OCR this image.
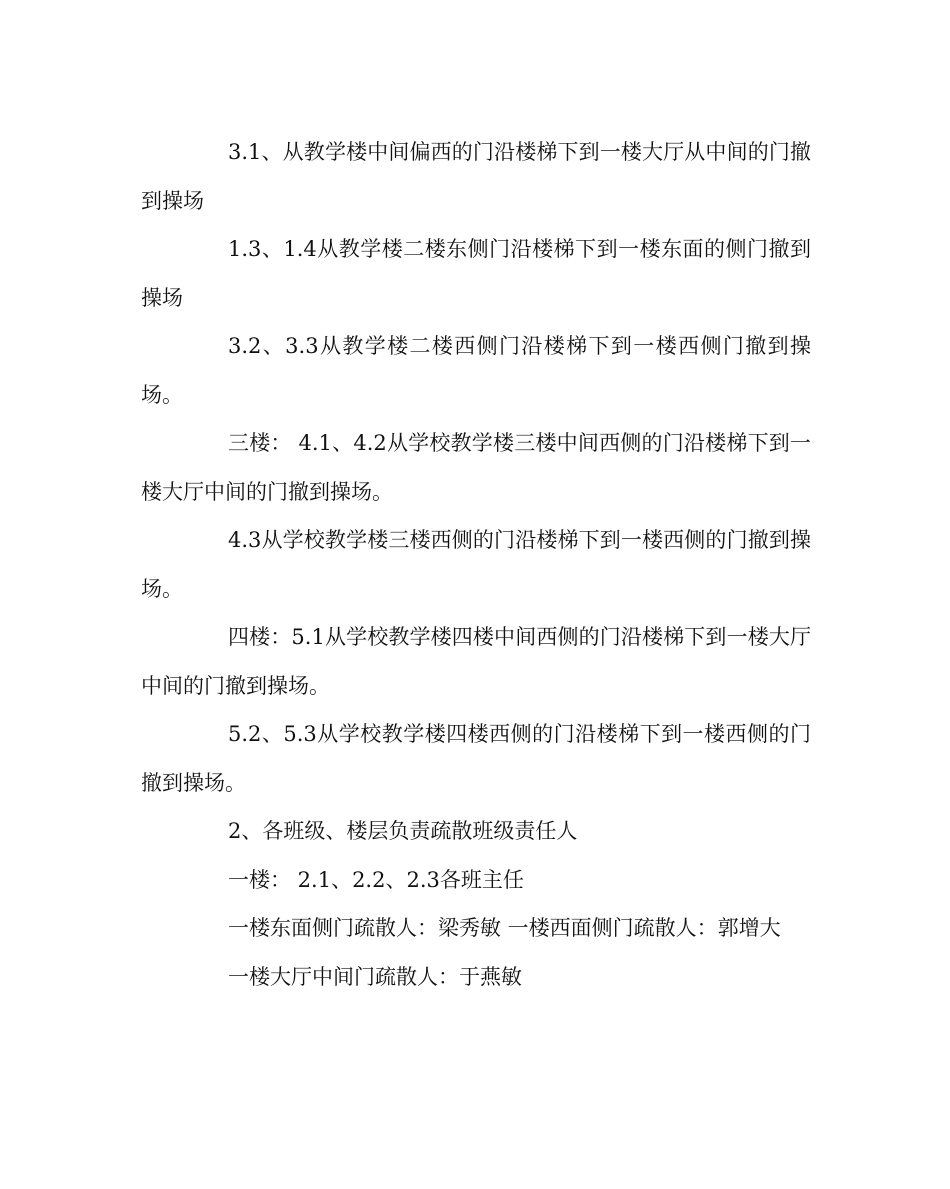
3.1、从教学楼中间偏西的门沿楼梯下到一楼大厅从中间的门撤到操场

1.3、1.4从教学楼二楼东侧门沿楼梯下到一楼东面的侧门撤到操场

3.2、3.3从教学楼二楼西侧门沿楼梯下到一楼西侧门撤到操场。

三楼： 4.1、4.2从学校教学楼三楼中间西侧的门沿楼梯下到一楼大厅中间的门撤到操场。

4.3从学校教学楼三楼西侧的门沿楼梯下到一楼西侧的门撤到操场。

四楼：5.1从学校教学楼四楼中间西侧的门沿楼梯下到一楼大厅中间的门撤到操场。

5.2、5.3从学校教学楼四楼西侧的门沿楼梯下到一楼西侧的门撤到操场。

2、各班级、楼层负责疏散班级责任人

一楼： 2.1、2.2、2.3各班主任

一楼东面侧门疏散人：梁秀敏 一楼西面侧门疏散人：郭增大

一楼大厅中间门疏散人：于燕敏
